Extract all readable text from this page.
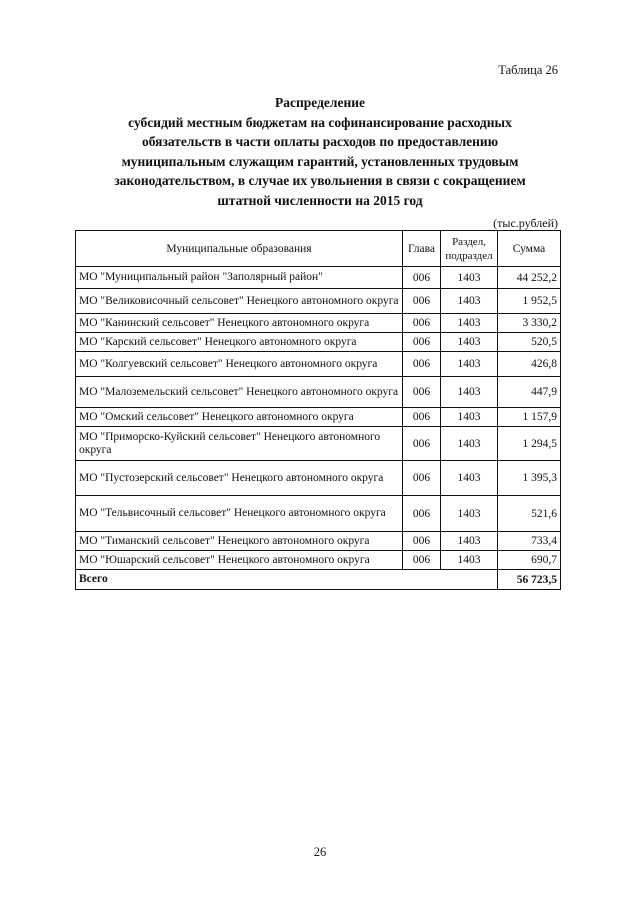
Таблица 26
Распределение
субсидий местным бюджетам на софинансирование расходных
обязательств в части оплаты расходов по предоставлению
муниципальным служащим гарантий, установленных трудовым
законодательством, в случае их увольнения в связи с сокращением
штатной численности на 2015 год
(тыс.рублей)
Муниципальные образования	Глава	Раздел, подраздел	Сумма
МО "Муниципальный район "Заполярный район"	006	1403	44 252,2
МО "Великовисочный сельсовет" Ненецкого автономного округа	006	1403	1 952,5
МО "Канинский сельсовет" Ненецкого автономного округа	006	1403	3 330,2
МО "Карский сельсовет" Ненецкого автономного округа	006	1403	520,5
МО "Колгуевский сельсовет" Ненецкого автономного округа	006	1403	426,8
МО "Малоземельский сельсовет" Ненецкого автономного округа	006	1403	447,9
МО "Омский сельсовет" Ненецкого автономного округа	006	1403	1 157,9
МО "Приморско-Куйский сельсовет" Ненецкого автономного округа	006	1403	1 294,5
МО "Пустозерский сельсовет" Ненецкого автономного округа	006	1403	1 395,3
МО "Тельвисочный сельсовет" Ненецкого автономного округа	006	1403	521,6
МО "Тиманский сельсовет" Ненецкого автономного округа	006	1403	733,4
МО "Юшарский сельсовет" Ненецкого автономного округа	006	1403	690,7
Всего			56 723,5
26
